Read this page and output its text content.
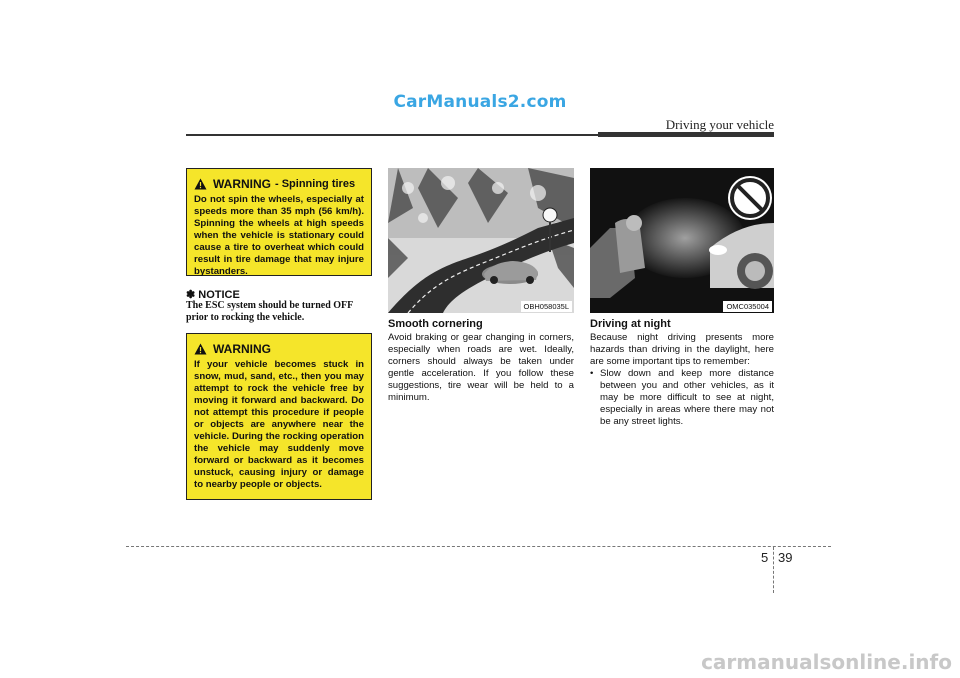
CarManuals2.com
Driving your vehicle
WARNING - Spinning tires
Do not spin the wheels, especially at speeds more than 35 mph (56 km/h). Spinning the wheels at high speeds when the vehicle is stationary could cause a tire to overheat which could result in tire damage that may injure bystanders.
✽ NOTICE
The ESC system should be turned OFF prior to rocking the vehicle.
WARNING
If your vehicle becomes stuck in snow, mud, sand, etc., then you may attempt to rock the vehicle free by moving it forward and backward. Do not attempt this procedure if people or objects are anywhere near the vehicle. During the rocking operation the vehicle may suddenly move forward or backward as it becomes unstuck, causing injury or damage to nearby people or objects.
OBH058035L
Smooth cornering
Avoid braking or gear changing in corners, especially when roads are wet. Ideally, corners should always be taken under gentle acceleration. If you follow these suggestions, tire wear will be held to a minimum.
OMC035004
Driving at night
Because night driving presents more hazards than driving in the daylight, here are some important tips to remember:
• Slow down and keep more distance between you and other vehicles, as it may be more difficult to see at night, especially in areas where there may not be any street lights.
5 39
carmanualsonline.info
